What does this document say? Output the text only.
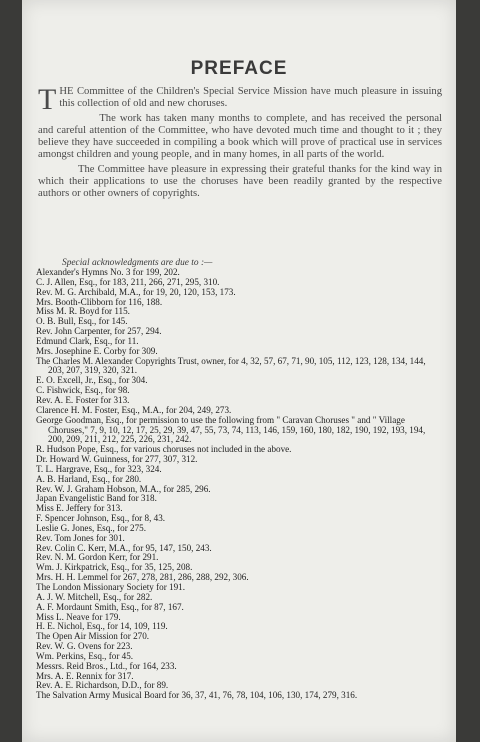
PREFACE

THE Committee of the Children's Special Service Mission have much pleasure in issuing this collection of old and new choruses.

The work has taken many months to complete, and has received the personal and careful attention of the Committee, who have devoted much time and thought to it ; they believe they have succeeded in compiling a book which will prove of practical use in services amongst children and young people, and in many homes, in all parts of the world.

The Committee have pleasure in expressing their grateful thanks for the kind way in which their applications to use the choruses have been readily granted by the respective authors or other owners of copyrights.

Special acknowledgments are due to :—
Alexander's Hymns No. 3 for 199, 202.
C. J. Allen, Esq., for 183, 211, 266, 271, 295, 310.
Rev. M. G. Archibald, M.A., for 19, 20, 120, 153, 173.
Mrs. Booth-Clibborn for 116, 188.
Miss M. R. Boyd for 115.
O. B. Bull, Esq., for 145.
Rev. John Carpenter, for 257, 294.
Edmund Clark, Esq., for 11.
Mrs. Josephine E. Corby for 309.
The Charles M. Alexander Copyrights Trust, owner, for 4, 32, 57, 67, 71, 90, 105, 112, 123, 128, 134, 144, 203, 207, 319, 320, 321.
E. O. Excell, Jr., Esq., for 304.
C. Fishwick, Esq., for 98.
Rev. A. E. Foster for 313.
Clarence H. M. Foster, Esq., M.A., for 204, 249, 273.
George Goodman, Esq., for permission to use the following from " Caravan Choruses " and " Village Choruses," 7, 9, 10, 12, 17, 25, 29, 39, 47, 55, 73, 74, 113, 146, 159, 160, 180, 182, 190, 192, 193, 194, 200, 209, 211, 212, 225, 226, 231, 242.
R. Hudson Pope, Esq., for various choruses not included in the above.
Dr. Howard W. Guinness, for 277, 307, 312.
T. L. Hargrave, Esq., for 323, 324.
A. B. Harland, Esq., for 280.
Rev. W. J. Graham Hobson, M.A., for 285, 296.
Japan Evangelistic Band for 318.
Miss E. Jeffery for 313.
F. Spencer Johnson, Esq., for 8, 43.
Leslie G. Jones, Esq., for 275.
Rev. Tom Jones for 301.
Rev. Colin C. Kerr, M.A., for 95, 147, 150, 243.
Rev. N. M. Gordon Kerr, for 291.
Wm. J. Kirkpatrick, Esq., for 35, 125, 208.
Mrs. H. H. Lemmel for 267, 278, 281, 286, 288, 292, 306.
The London Missionary Society for 191.
A. J. W. Mitchell, Esq., for 282.
A. F. Mordaunt Smith, Esq., for 87, 167.
Miss L. Neave for 179.
H. E. Nichol, Esq., for 14, 109, 119.
The Open Air Mission for 270.
Rev. W. G. Ovens for 223.
Wm. Perkins, Esq., for 45.
Messrs. Reid Bros., Ltd., for 164, 233.
Mrs. A. E. Rennix for 317.
Rev. A. E. Richardson, D.D., for 89.
The Salvation Army Musical Board for 36, 37, 41, 76, 78, 104, 106, 130, 174, 279, 316.
